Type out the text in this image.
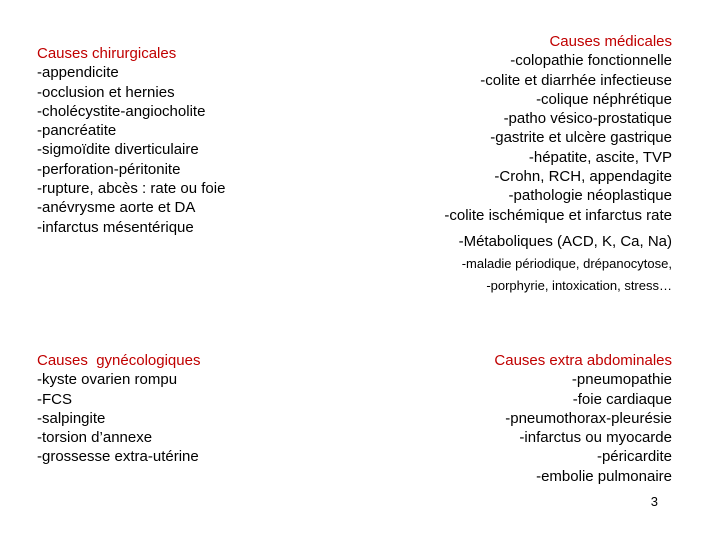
Causes chirurgicales
-appendicite
-occlusion et hernies
-cholécystite-angiocholite
-pancréatite
-sigmoïdite diverticulaire
-perforation-péritonite
-rupture, abcès : rate ou foie
-anévrysme aorte et DA
-infarctus mésentérique
Causes médicales
-colopathie fonctionnelle
-colite et diarrhée infectieuse
-colique néphrétique
-patho vésico-prostatique
-gastrite et ulcère gastrique
-hépatite, ascite, TVP
-Crohn, RCH, appendagite
-pathologie néoplastique
-colite ischémique et infarctus rate
-Métaboliques (ACD, K, Ca, Na)
-maladie périodique, drépanocytose,
-porphyrie, intoxication, stress…
Causes  gynécologiques
-kyste ovarien rompu
-FCS
-salpingite
-torsion d’annexe
-grossesse extra-utérine
Causes extra abdominales
-pneumopathie
-foie cardiaque
-pneumothorax-pleurésie
-infarctus ou myocarde
-péricardite
-embolie pulmonaire
3
